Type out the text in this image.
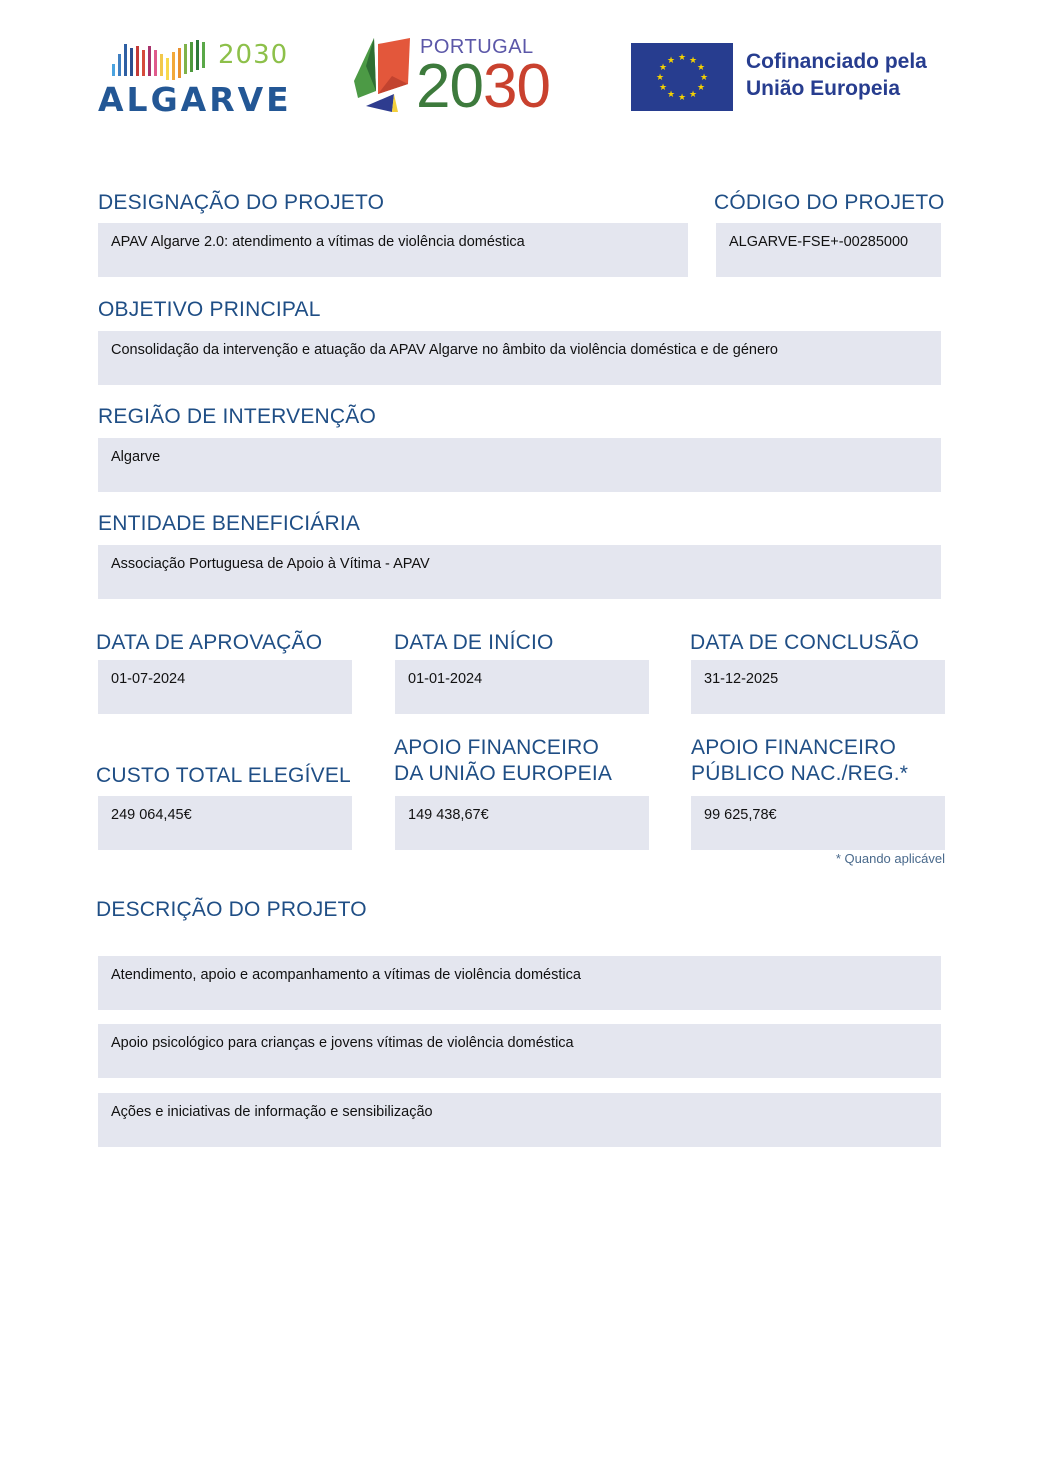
2030
ALGARVE
PORTUGAL
2030	★ ★
★
★
★
★
★
★
★
★
★
★	Cofinanciado pela
União Europeia
DESIGNAÇÃO DO PROJETO
APAV Algarve 2.0: atendimento a vítimas de violência doméstica
CÓDIGO DO PROJETO
ALGARVE-FSE+-00285000
OBJETIVO PRINCIPAL
Consolidação da intervenção e atuação da APAV Algarve no âmbito da violência doméstica e de género
REGIÃO DE INTERVENÇÃO
Algarve
ENTIDADE BENEFICIÁRIA
Associação Portuguesa de Apoio à Vítima - APAV
DATA DE APROVAÇÃO
01-07-2024
DATA DE INÍCIO
01-01-2024
DATA DE CONCLUSÃO
31-12-2025
CUSTO TOTAL ELEGÍVEL
249 064,45€
APOIO FINANCEIRO
DA UNIÃO EUROPEIA
149 438,67€
APOIO FINANCEIRO
PÚBLICO NAC./REG.*
99 625,78€
* Quando aplicável
DESCRIÇÃO DO PROJETO
Atendimento, apoio e acompanhamento a vítimas de violência doméstica
Apoio psicológico para crianças e jovens vítimas de violência doméstica
Ações e iniciativas de informação e sensibilização
